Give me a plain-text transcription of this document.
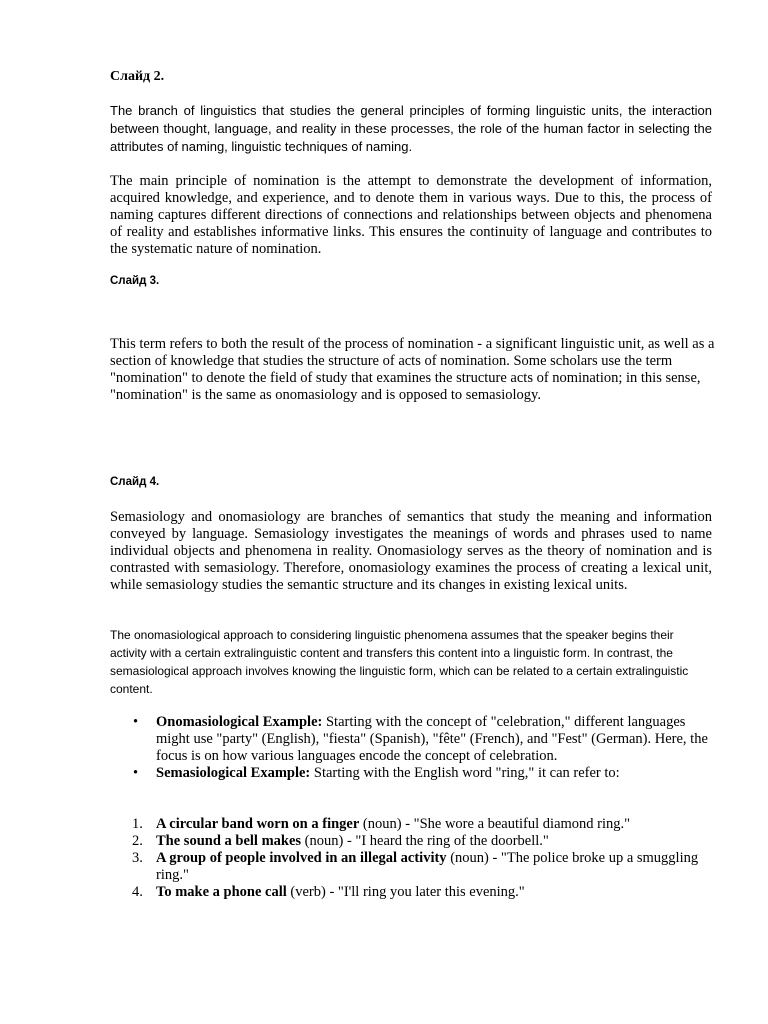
Слайд 2.

The branch of linguistics that studies the general principles of forming linguistic units, the interaction between thought, language, and reality in these processes, the role of the human factor in selecting the attributes of naming, linguistic techniques of naming.

The main principle of nomination is the attempt to demonstrate the development of information, acquired knowledge, and experience, and to denote them in various ways. Due to this, the process of naming captures different directions of connections and relationships between objects and phenomena of reality and establishes informative links. This ensures the continuity of language and contributes to the systematic nature of nomination.

Слайд 3.

This term refers to both the result of the process of nomination - a significant linguistic unit, as well as a section of knowledge that studies the structure of acts of nomination. Some scholars use the term "nomination" to denote the field of study that examines the structure acts of nomination; in this sense, "nomination" is the same as onomasiology and is opposed to semasiology.

Слайд 4.

Semasiology and onomasiology are branches of semantics that study the meaning and information conveyed by language. Semasiology investigates the meanings of words and phrases used to name individual objects and phenomena in reality. Onomasiology serves as the theory of nomination and is contrasted with semasiology. Therefore, onomasiology examines the process of creating a lexical unit, while semasiology studies the semantic structure and its changes in existing lexical units.

The onomasiological approach to considering linguistic phenomena assumes that the speaker begins their activity with a certain extralinguistic content and transfers this content into a linguistic form. In contrast, the semasiological approach involves knowing the linguistic form, which can be related to a certain extralinguistic content.

• Onomasiological Example: Starting with the concept of "celebration," different languages might use "party" (English), "fiesta" (Spanish), "fête" (French), and "Fest" (German). Here, the focus is on how various languages encode the concept of celebration.
• Semasiological Example: Starting with the English word "ring," it can refer to:
1. A circular band worn on a finger (noun) - "She wore a beautiful diamond ring."
2. The sound a bell makes (noun) - "I heard the ring of the doorbell."
3. A group of people involved in an illegal activity (noun) - "The police broke up a smuggling ring."
4. To make a phone call (verb) - "I'll ring you later this evening."
